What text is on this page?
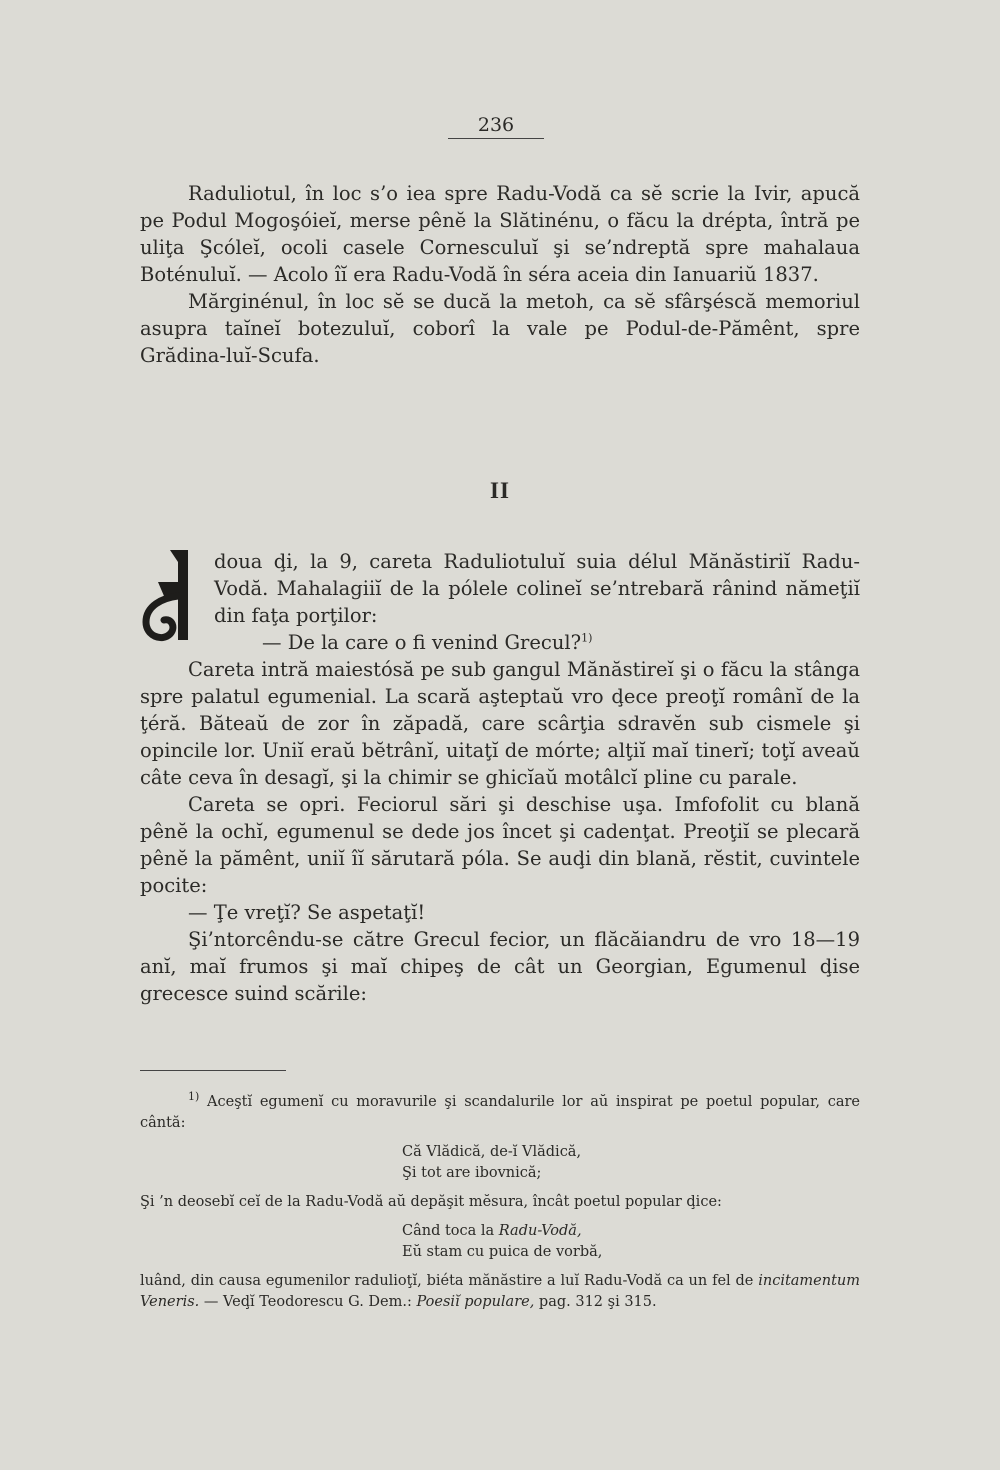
236

Raduliotul, în loc s’o iea spre Radu-Vodă ca sĕ scrie la Ivir, apucă pe Podul Mogoşóieĭ, merse pênĕ la Slătinénu, o făcu la drépta, întră pe uliţa Şcóleĭ, ocoli casele Cornesculuĭ şi se’ndreptă spre mahalaua Boténuluĭ. — Acolo îĭ era Radu-Vodă în séra aceia din Ianuariŭ 1837.

Mărginénul, în loc sĕ se ducă la metoh, ca sĕ sfârşéscă memoriul asupra taĭneĭ botezuluĭ, coborî la vale pe Podul-de-Pămênt, spre Grădina-luĭ-Scufa.

II
A

doua ḑi, la 9, careta Raduliotuluĭ suia délul Mănăstiriĭ Radu-Vodă. Mahalagiiĭ de la pólele colineĭ se’ntrebară rânind nămeţiĭ din faţa porţilor:

— De la care o fi venind Grecul?$^{1)}$

Careta intră maiestósă pe sub gangul Mănăstireĭ şi o făcu la stânga spre palatul egumenial. La scară aşteptaŭ vro ḑece preoţĭ românĭ de la ţéră. Băteaŭ de zor în zăpadă, care scârţia sdravĕn sub cismele şi opincile lor. Uniĭ eraŭ bĕtrânĭ, uitaţĭ de mórte; alţiĭ maĭ tinerĭ; toţĭ aveaŭ câte ceva în desagĭ, şi la chimir se ghicĭaŭ motâlcĭ pline cu parale.

Careta se opri. Feciorul sări şi deschise uşa. Imfofolit cu blană pênĕ la ochĭ, egumenul se dede jos încet şi cadenţat. Preoţiĭ se plecară pênĕ la pămênt, uniĭ îĭ sărutară póla. Se auḑi din blană, rĕstit, cuvintele pocite:

— Ţe vreţĭ? Se aspetaţĭ!

Şi’ntorcêndu-se către Grecul fecior, un flăcăiandru de vro 18—19 anĭ, maĭ frumos şi maĭ chipeş de cât un Georgian, Egumenul ḑise grecesce suind scările:

$^{1)}$ Aceştĭ egumenĭ cu moravurile şi scandalurile lor aŭ inspirat pe poetul popular, care cântă:

Că Vlădică, de-ĭ Vlădică,

Şi tot are ibovnică;

Şi ’n deosebĭ ceĭ de la Radu-Vodă aŭ depăşit mĕsura, încât poetul popular ḑice:

Când toca la Radu-Vodă,

Eŭ stam cu puica de vorbă,

luând, din causa egumenilor radulioţĭ, biéta mănăstire a luĭ Radu-Vodă ca un fel de incitamentum Veneris. — Veḑĭ Teodorescu G. Dem.: Poesiĭ populare, pag. 312 şi 315.
